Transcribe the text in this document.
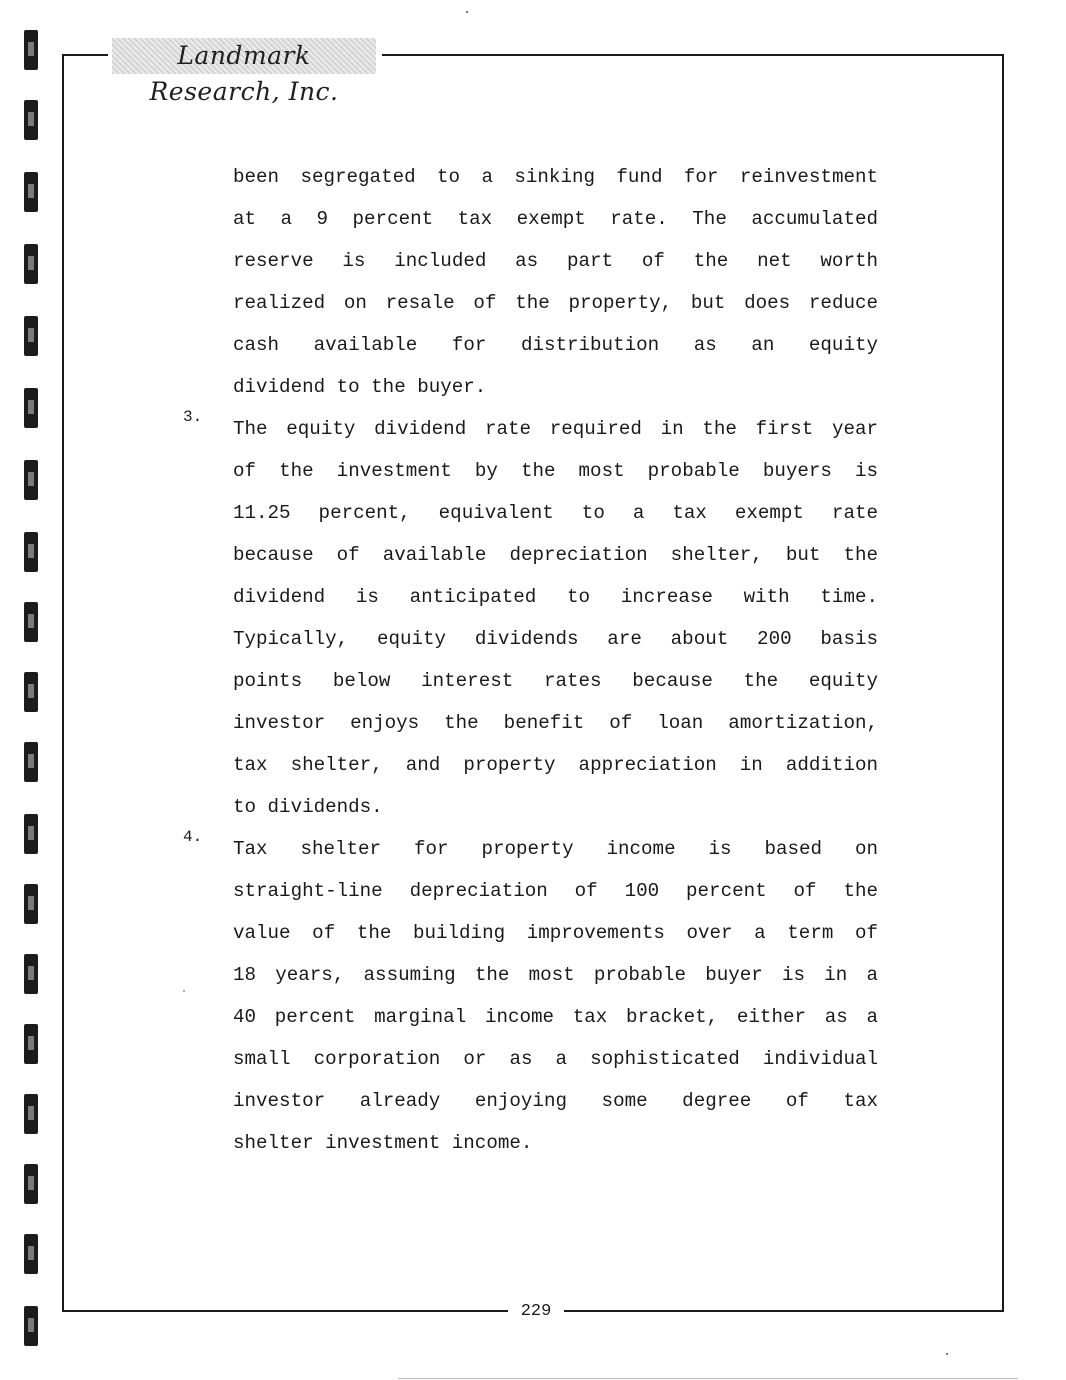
Landmark Research, Inc.
been segregated to a sinking fund for reinvestment
at a 9 percent tax exempt rate. The accumulated
reserve is included as part of the net worth
realized on resale of the property, but does reduce
cash available for distribution as an equity
dividend to the buyer.
3.
The equity dividend rate required in the first year
of the investment by the most probable buyers is
11.25 percent, equivalent to a tax exempt rate
because of available depreciation shelter, but the
dividend is anticipated to increase with time.
Typically, equity dividends are about 200 basis
points below interest rates because the equity
investor enjoys the benefit of loan amortization,
tax shelter, and property appreciation in addition
to dividends.
4.
Tax shelter for property income is based on
straight-line depreciation of 100 percent of the
value of the building improvements over a term of
18 years, assuming the most probable buyer is in a
40 percent marginal income tax bracket, either as a
small corporation or as a sophisticated individual
investor already enjoying some degree of tax
shelter investment income.
229
